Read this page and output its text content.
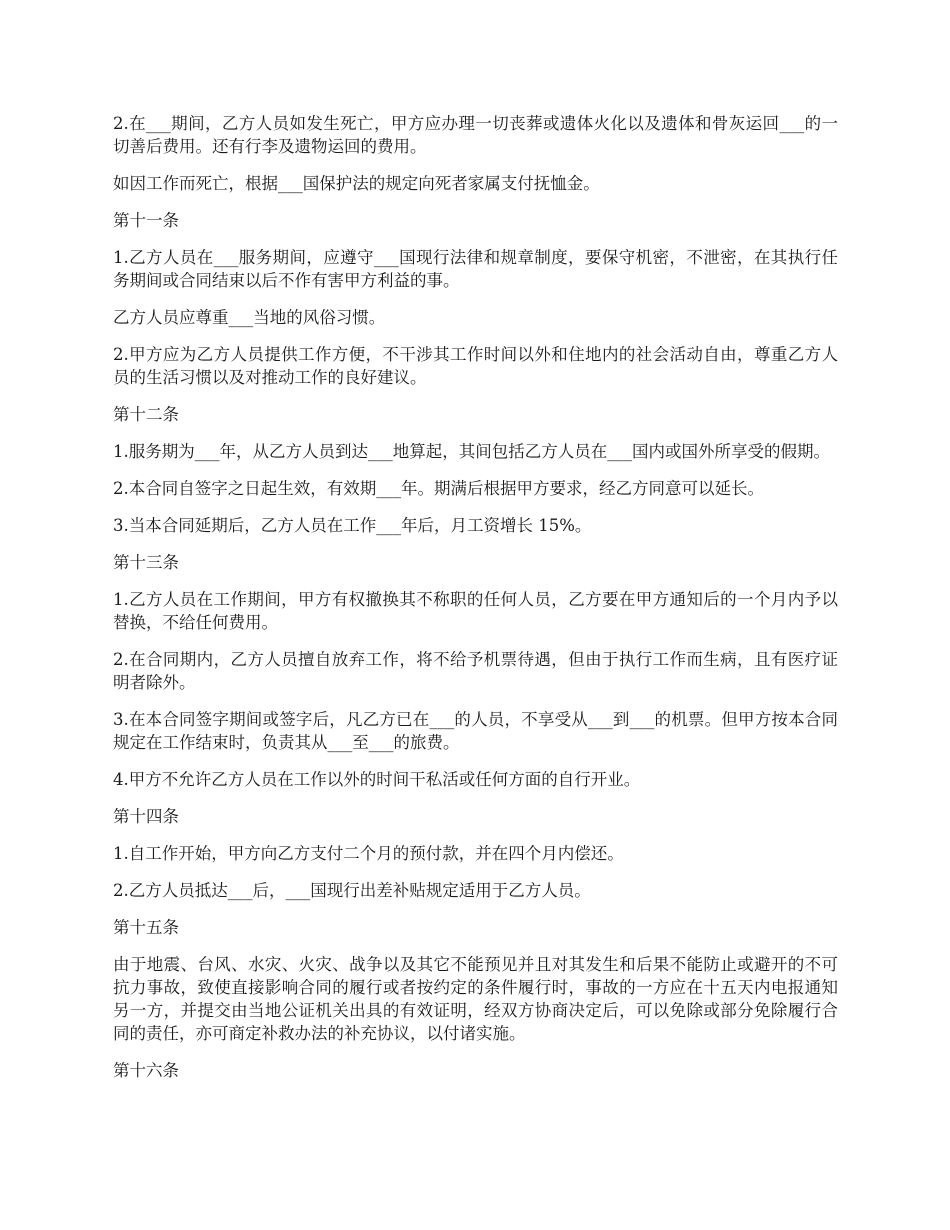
2.在___期间，乙方人员如发生死亡，甲方应办理一切丧葬或遗体火化以及遗体和骨灰运回___的一切善后费用。还有行李及遗物运回的费用。

如因工作而死亡，根据___国保护法的规定向死者家属支付抚恤金。

第十一条

1.乙方人员在___服务期间，应遵守___国现行法律和规章制度，要保守机密，不泄密，在其执行任务期间或合同结束以后不作有害甲方利益的事。

乙方人员应尊重___当地的风俗习惯。

2.甲方应为乙方人员提供工作方便，不干涉其工作时间以外和住地内的社会活动自由，尊重乙方人员的生活习惯以及对推动工作的良好建议。

第十二条

1.服务期为___年，从乙方人员到达___地算起，其间包括乙方人员在___国内或国外所享受的假期。

2.本合同自签字之日起生效，有效期___年。期满后根据甲方要求，经乙方同意可以延长。

3.当本合同延期后，乙方人员在工作___年后，月工资增长 15%。

第十三条

1.乙方人员在工作期间，甲方有权撤换其不称职的任何人员，乙方要在甲方通知后的一个月内予以替换，不给任何费用。

2.在合同期内，乙方人员擅自放弃工作，将不给予机票待遇，但由于执行工作而生病，且有医疗证明者除外。

3.在本合同签字期间或签字后，凡乙方已在___的人员，不享受从___到___的机票。但甲方按本合同规定在工作结束时，负责其从___至___的旅费。

4.甲方不允许乙方人员在工作以外的时间干私活或任何方面的自行开业。

第十四条

1.自工作开始，甲方向乙方支付二个月的预付款，并在四个月内偿还。

2.乙方人员抵达___后，___国现行出差补贴规定适用于乙方人员。

第十五条

由于地震、台风、水灾、火灾、战争以及其它不能预见并且对其发生和后果不能防止或避开的不可抗力事故，致使直接影响合同的履行或者按约定的条件履行时，事故的一方应在十五天内电报通知另一方，并提交由当地公证机关出具的有效证明，经双方协商决定后，可以免除或部分免除履行合同的责任，亦可商定补救办法的补充协议，以付诸实施。

第十六条
